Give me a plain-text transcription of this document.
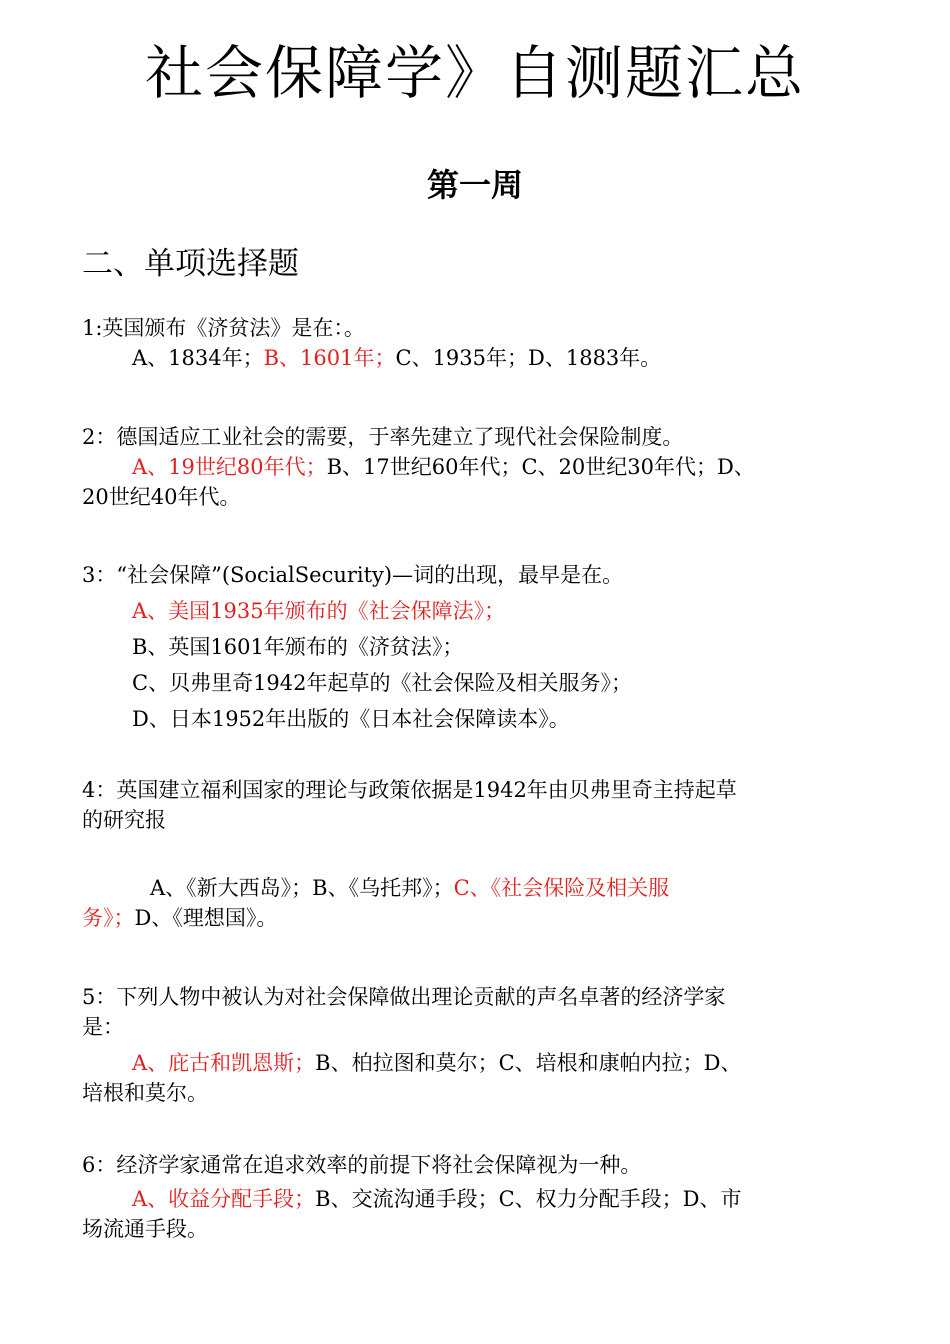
社会保障学》自测题汇总
第一周
二、单项选择题

1:英国颁布《济贫法》是在：。

A、1834年；B、1601年；C、1935年；D、1883年。

2：德国适应工业社会的需要，于率先建立了现代社会保险制度。

A、19世纪80年代；B、17世纪60年代；C、20世纪30年代；D、

20世纪40年代。

3：“社会保障”(SocialSecurity)—词的出现，最早是在。

A、美国1935年颁布的《社会保障法》；

B、英国1601年颁布的《济贫法》；

C、贝弗里奇1942年起草的《社会保险及相关服务》；

D、日本1952年出版的《日本社会保障读本》。

4：英国建立福利国家的理论与政策依据是1942年由贝弗里奇主持起草

的研究报

A、《新大西岛》；B、《乌托邦》；C、《社会保险及相关服

务》；D、《理想国》。

5：下列人物中被认为对社会保障做出理论贡献的声名卓著的经济学家

是：

A、庇古和凯恩斯；B、柏拉图和莫尔；C、培根和康帕内拉；D、

培根和莫尔。

6：经济学家通常在追求效率的前提下将社会保障视为一种。

A、收益分配手段；B、交流沟通手段；C、权力分配手段；D、市

场流通手段。
